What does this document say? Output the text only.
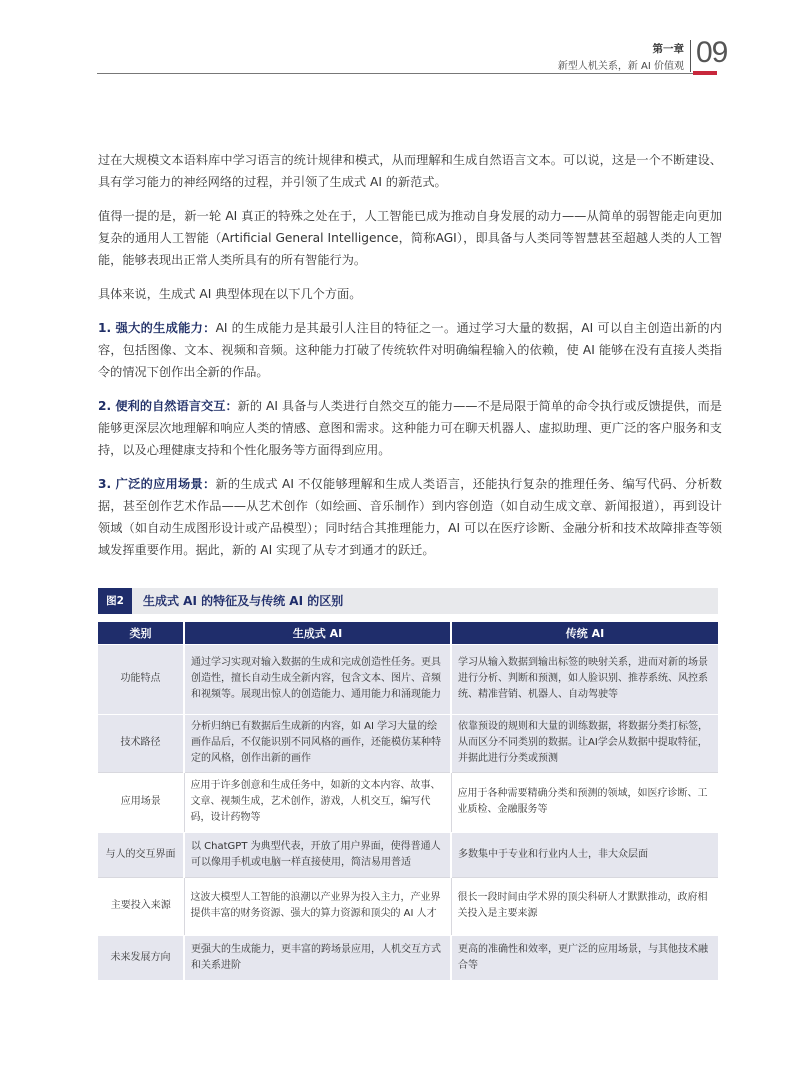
第一章
新型人机关系，新 AI 价值观 09

过在大规模文本语料库中学习语言的统计规律和模式，从而理解和生成自然语言文本。可以说，这是一个不断建设、具有学习能力的神经网络的过程，并引领了生成式 AI 的新范式。

值得一提的是，新一轮 AI 真正的特殊之处在于，人工智能已成为推动自身发展的动力——从简单的弱智能走向更加复杂的通用人工智能（Artificial General Intelligence，简称AGI），即具备与人类同等智慧甚至超越人类的人工智能，能够表现出正常人类所具有的所有智能行为。

具体来说，生成式 AI 典型体现在以下几个方面。

1. 强大的生成能力：AI 的生成能力是其最引人注目的特征之一。通过学习大量的数据，AI 可以自主创造出新的内容，包括图像、文本、视频和音频。这种能力打破了传统软件对明确编程输入的依赖，使 AI 能够在没有直接人类指令的情况下创作出全新的作品。

2. 便利的自然语言交互：新的 AI 具备与人类进行自然交互的能力——不是局限于简单的命令执行或反馈提供，而是能够更深层次地理解和响应人类的情感、意图和需求。这种能力可在聊天机器人、虚拟助理、更广泛的客户服务和支持，以及心理健康支持和个性化服务等方面得到应用。

3. 广泛的应用场景：新的生成式 AI 不仅能够理解和生成人类语言，还能执行复杂的推理任务、编写代码、分析数据，甚至创作艺术作品——从艺术创作（如绘画、音乐制作）到内容创造（如自动生成文章、新闻报道），再到设计领域（如自动生成图形设计或产品模型）；同时结合其推理能力，AI 可以在医疗诊断、金融分析和技术故障排查等领域发挥重要作用。据此，新的 AI 实现了从专才到通才的跃迁。

图2	生成式 AI 的特征及与传统 AI 的区别
类别	生成式 AI	传统 AI
功能特点	通过学习实现对输入数据的生成和完成创造性任务。更具创造性，擅长自动生成全新内容，包含文本、图片、音频和视频等。展现出惊人的创造能力、通用能力和涌现能力	学习从输入数据到输出标签的映射关系，进而对新的场景进行分析、判断和预测，如人脸识别、推荐系统、风控系统、精准营销、机器人、自动驾驶等
技术路径	分析归纳已有数据后生成新的内容，如 AI 学习大量的绘画作品后，不仅能识别不同风格的画作，还能模仿某种特定的风格，创作出新的画作	依靠预设的规则和大量的训练数据，将数据分类打标签，从而区分不同类别的数据。让AI学会从数据中提取特征，并据此进行分类或预测
应用场景	应用于许多创意和生成任务中，如新的文本内容、故事、文章、视频生成，艺术创作，游戏，人机交互，编写代码，设计药物等	应用于各种需要精确分类和预测的领域，如医疗诊断、工业质检、金融服务等
与人的交互界面	以 ChatGPT 为典型代表，开放了用户界面，使得普通人可以像用手机或电脑一样直接使用，简洁易用普适	多数集中于专业和行业内人士，非大众层面
主要投入来源	这波大模型人工智能的浪潮以产业界为投入主力，产业界提供丰富的财务资源、强大的算力资源和顶尖的 AI 人才	很长一段时间由学术界的顶尖科研人才默默推动，政府相关投入是主要来源
未来发展方向	更强大的生成能力，更丰富的跨场景应用，人机交互方式和关系进阶	更高的准确性和效率，更广泛的应用场景，与其他技术融合等
